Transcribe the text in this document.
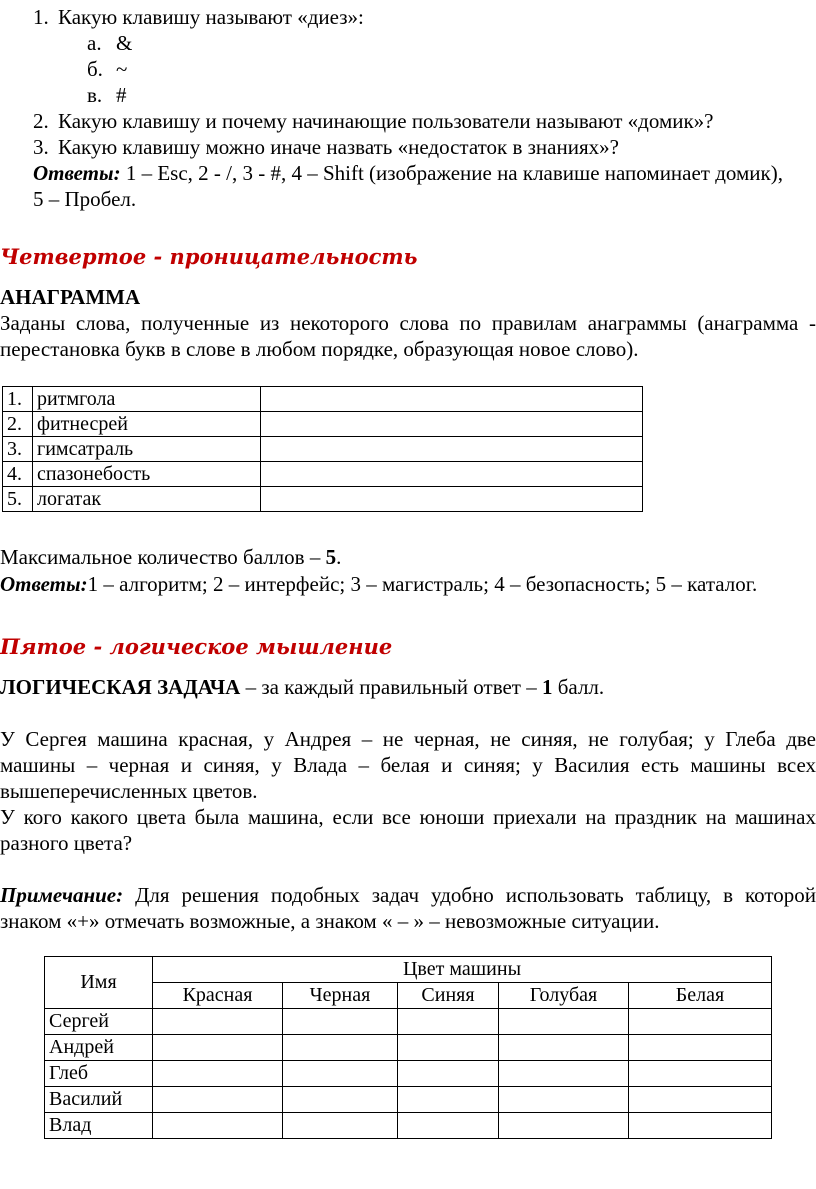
1. Какую клавишу называют «диез»:
а. &
б. ~
в. #
2. Какую клавишу и почему начинающие пользователи называют «домик»?
3. Какую клавишу можно иначе назвать «недостаток в знаниях»?
Ответы: 1 – Esc, 2 - /, 3 - #, 4 – Shift (изображение на клавише напоминает домик),
5 – Пробел.
Четвертое - проницательность
АНАГРАММА
Заданы слова, полученные из некоторого слова по правилам анаграммы (анаграмма - перестановка букв в слове в любом порядке, образующая новое слово).
1.	ритмгола	
2.	фитнесрей	
3.	гимсатраль	
4.	спазонебость	
5.	логатак	
Максимальное количество баллов – 5.
Ответы:1 – алгоритм; 2 – интерфейс; 3 – магистраль; 4 – безопасность; 5 – каталог.
Пятое - логическое мышление
ЛОГИЧЕСКАЯ ЗАДАЧА – за каждый правильный ответ – 1 балл.
У Сергея машина красная, у Андрея – не черная, не синяя, не голубая; у Глеба две машины – черная и синяя, у Влада – белая и синяя; у Василия есть машины всех вышеперечисленных цветов.
У кого какого цвета была машина, если все юноши приехали на праздник на машинах разного цвета?
Примечание: Для решения подобных задач удобно использовать таблицу, в которой знаком «+» отмечать возможные, а знаком « – » – невозможные ситуации.
Имя	Цвет машины				
	Красная	Черная	Синяя	Голубая	Белая
Сергей					
Андрей					
Глеб					
Василий					
Влад					
